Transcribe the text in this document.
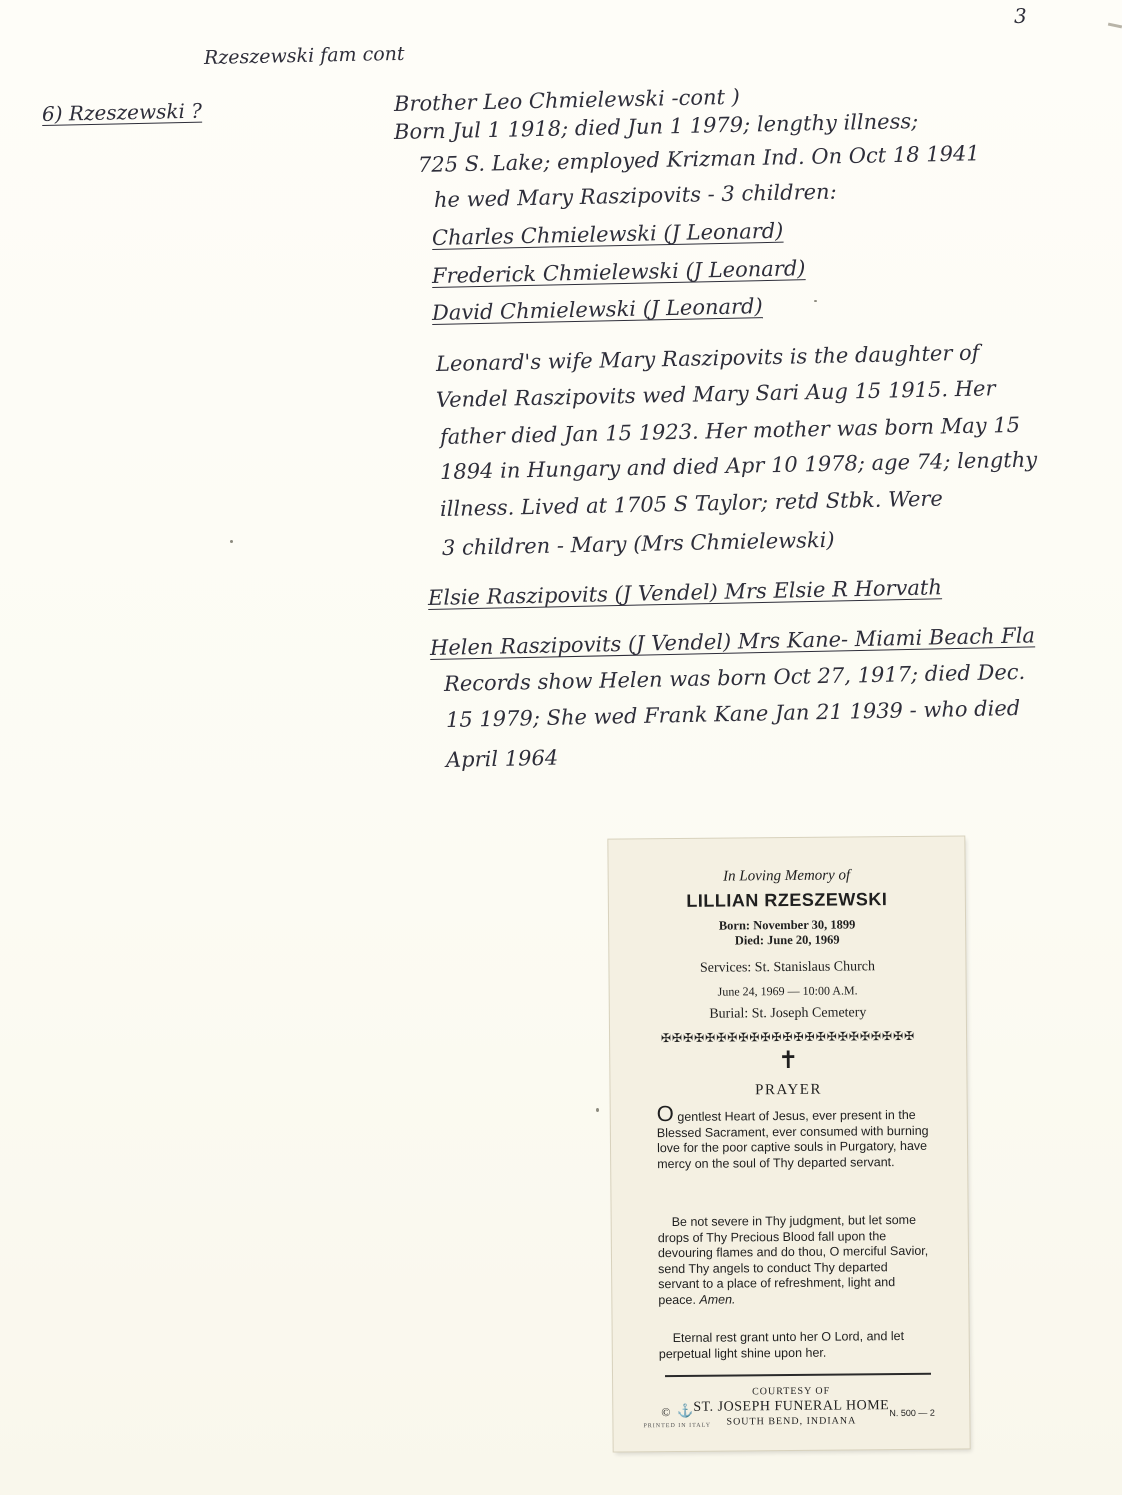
3

Rzeszewski fam cont

6) Rzeszewski ?	Brother Leo Chmielewski -cont )

Born Jul 1 1918; died Jun 1 1979; lengthy illness;

725 S. Lake; employed Krizman Ind. On Oct 18 1941

he wed Mary Raszipovits - 3 children:

Charles Chmielewski (J Leonard)

Frederick Chmielewski (J Leonard)

David Chmielewski (J Leonard)

Leonard's wife Mary Raszipovits is the daughter of

Vendel Raszipovits wed Mary Sari Aug 15 1915. Her

father died Jan 15 1923. Her mother was born May 15

1894 in Hungary and died Apr 10 1978; age 74; lengthy

illness. Lived at 1705 S Taylor; retd Stbk. Were

3 children - Mary (Mrs Chmielewski)

Elsie Raszipovits (J Vendel) Mrs Elsie R Horvath

Helen Raszipovits (J Vendel) Mrs Kane- Miami Beach Fla

Records show Helen was born Oct 27, 1917; died Dec.

15 1979; She wed Frank Kane Jan 21 1939 - who died

April 1964

In Loving Memory of

LILLIAN RZESZEWSKI

Born: November 30, 1899

Died: June 20, 1969

Services: St. Stanislaus Church

June 24, 1969 — 10:00 A.M.

Burial: St. Joseph Cemetery

✠✠✠✠✠✠✠✠✠✠✠✠✠✠✠✠✠✠✠✠✠✠✠

✝

PRAYER

O gentlest Heart of Jesus, ever present in the Blessed Sacrament, ever consumed with burning love for the poor captive souls in Purgatory, have mercy on the soul of Thy departed servant.

Be not severe in Thy judgment, but let some drops of Thy Precious Blood fall upon the devouring flames and do thou, O merciful Savior, send Thy angels to conduct Thy departed servant to a place of refreshment, light and peace. Amen.

Eternal rest grant unto her O Lord, and let perpetual light shine upon her.

COURTESY OF

ST. JOSEPH FUNERAL HOME

SOUTH BEND, INDIANA

© ⚓

PRINTED IN ITALY

N. 500 — 2
